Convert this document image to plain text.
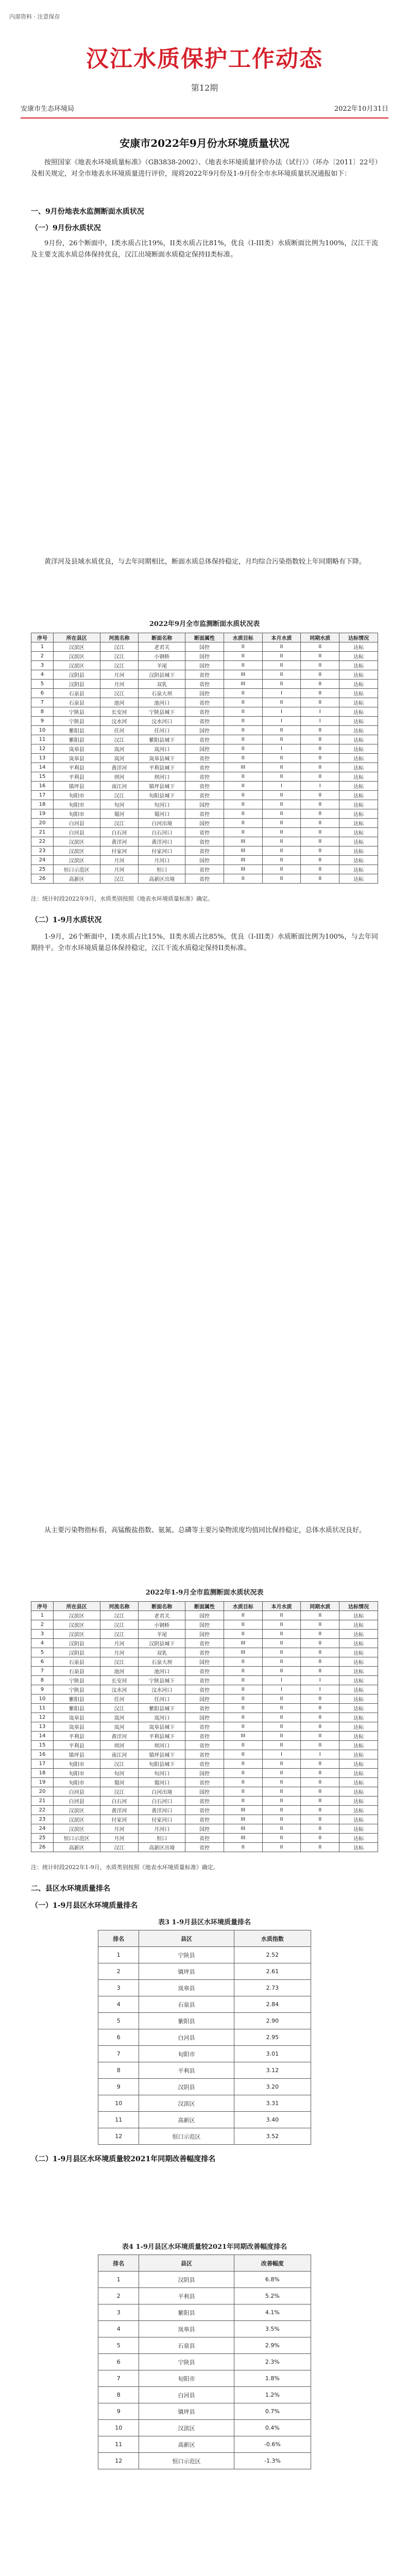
内部资料 · 注意保存
汉江水质保护工作动态
第12期
安康市生态环境局	2022年10月31日
安康市2022年9月份水环境质量状况
按照国家《地表水环境质量标准》（GB3838-2002）、《地表水环境质量评价办法（试行）》（环办〔2011〕22号）及相关规定，对全市地表水环境质量进行评价，现将2022年9月份及1-9月份全市水环境质量状况通报如下：
一、9月份地表水监测断面水质状况
（一）9月份水质状况
9月份，26个断面中，I类水质占比19%，II类水质占比81%，优良（I-III类）水质断面比例为100%，汉江干流及主要支流水质总体保持优良，汉江出境断面水质稳定保持II类标准。
黄洋河及县域水质优良，与去年同期相比，断面水质总体保持稳定，月均综合污染指数较上年同期略有下降。
2022年9月全市监测断面水质状况表
序号	所在县区	河流名称	断面名称	断面属性	水质目标	本月水质	同期水质	达标情况
1	汉滨区	汉江	老君关	国控	II	II	II	达标
2	汉滨区	汉江	小钢桥	国控	II	II	II	达标
3	汉滨区	汉江	羊尾	国控	II	II	II	达标
4	汉阴县	月河	汉阴县城下	省控	III	II	II	达标
5	汉阴县	月河	双乳	省控	III	II	II	达标
6	石泉县	汉江	石泉大坝	国控	II	I	II	达标
7	石泉县	池河	池河口	省控	II	II	II	达标
8	宁陕县	长安河	宁陕县城下	省控	II	I	I	达标
9	宁陕县	汶水河	汶水河口	省控	II	I	I	达标
10	紫阳县	任河	任河口	国控	II	II	II	达标
11	紫阳县	汉江	紫阳县城下	省控	II	II	II	达标
12	岚皋县	岚河	岚河口	国控	II	I	II	达标
13	岚皋县	岚河	岚皋县城下	省控	II	II	II	达标
14	平利县	黄洋河	平利县城下	省控	III	II	II	达标
15	平利县	坝河	坝河口	省控	II	II	II	达标
16	镇坪县	南江河	镇坪县城下	省控	II	I	I	达标
17	旬阳市	汉江	旬阳县城下	省控	II	II	II	达标
18	旬阳市	旬河	旬河口	国控	II	II	II	达标
19	旬阳市	蜀河	蜀河口	省控	II	II	II	达标
20	白河县	汉江	白河出境	国控	II	II	II	达标
21	白河县	白石河	白石河口	省控	II	II	II	达标
22	汉滨区	黄洋河	黄洋河口	省控	III	II	II	达标
23	汉滨区	付家河	付家河口	省控	III	II	II	达标
24	汉滨区	月河	月河口	国控	III	II	II	达标
25	恒口示范区	月河	恒口	省控	III	II	II	达标
26	高新区	汉江	高新区出境	省控	II	II	II	达标
注：统计时段2022年9月，水质类别按照《地表水环境质量标准》确定。
（二）1-9月水质状况
1-9月，26个断面中，I类水质占比15%，II类水质占比85%，优良（I-III类）水质断面比例为100%，与去年同期持平。全市水环境质量总体保持稳定，汉江干流水质稳定保持II类标准。
从主要污染物指标看，高锰酸盐指数、氨氮、总磷等主要污染物浓度均值同比保持稳定，总体水质状况良好。
2022年1-9月全市监测断面水质状况表
序号	所在县区	河流名称	断面名称	断面属性	水质目标	本月水质	同期水质	达标情况
1	汉滨区	汉江	老君关	国控	II	II	II	达标
2	汉滨区	汉江	小钢桥	国控	II	II	II	达标
3	汉滨区	汉江	羊尾	国控	II	II	II	达标
4	汉阴县	月河	汉阴县城下	省控	III	II	II	达标
5	汉阴县	月河	双乳	省控	III	II	II	达标
6	石泉县	汉江	石泉大坝	国控	II	II	II	达标
7	石泉县	池河	池河口	省控	II	II	II	达标
8	宁陕县	长安河	宁陕县城下	省控	II	I	I	达标
9	宁陕县	汶水河	汶水河口	省控	II	I	I	达标
10	紫阳县	任河	任河口	国控	II	II	II	达标
11	紫阳县	汉江	紫阳县城下	省控	II	II	II	达标
12	岚皋县	岚河	岚河口	国控	II	II	II	达标
13	岚皋县	岚河	岚皋县城下	省控	II	II	II	达标
14	平利县	黄洋河	平利县城下	省控	III	II	II	达标
15	平利县	坝河	坝河口	省控	II	II	II	达标
16	镇坪县	南江河	镇坪县城下	省控	II	I	I	达标
17	旬阳市	汉江	旬阳县城下	省控	II	II	II	达标
18	旬阳市	旬河	旬河口	国控	II	II	II	达标
19	旬阳市	蜀河	蜀河口	省控	II	II	II	达标
20	白河县	汉江	白河出境	国控	II	II	II	达标
21	白河县	白石河	白石河口	省控	II	II	II	达标
22	汉滨区	黄洋河	黄洋河口	省控	III	II	II	达标
23	汉滨区	付家河	付家河口	省控	III	II	II	达标
24	汉滨区	月河	月河口	国控	III	II	II	达标
25	恒口示范区	月河	恒口	省控	III	II	II	达标
26	高新区	汉江	高新区出境	省控	II	II	II	达标
注：统计时段2022年1-9月，水质类别按照《地表水环境质量标准》确定。
二、县区水环境质量排名
（一）1-9月县区水环境质量排名
表3 1-9月县区水环境质量排名
排名	县区	水质指数
1	宁陕县	2.52
2	镇坪县	2.61
3	岚皋县	2.73
4	石泉县	2.84
5	紫阳县	2.90
6	白河县	2.95
7	旬阳市	3.01
8	平利县	3.12
9	汉阴县	3.20
10	汉滨区	3.31
11	高新区	3.40
12	恒口示范区	3.52
（二）1-9月县区水环境质量较2021年同期改善幅度排名
表4 1-9月县区水环境质量较2021年同期改善幅度排名
排名	县区	改善幅度
1	汉阴县	6.8%
2	平利县	5.2%
3	紫阳县	4.1%
4	岚皋县	3.5%
5	石泉县	2.9%
6	宁陕县	2.3%
7	旬阳市	1.8%
8	白河县	1.2%
9	镇坪县	0.7%
10	汉滨区	0.4%
11	高新区	-0.6%
12	恒口示范区	-1.3%
